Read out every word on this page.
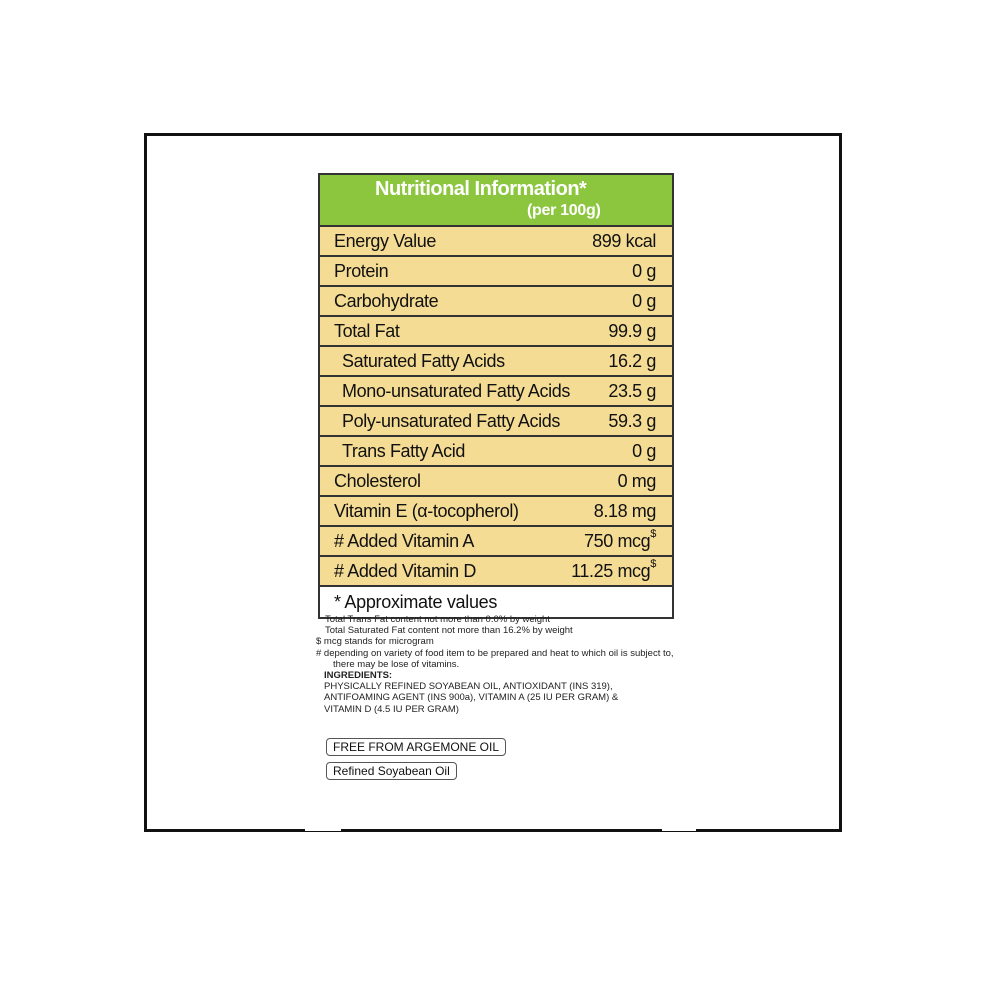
Nutritional Information*
(per 100g)
Energy Value	899 kcal
Protein	0 g
Carbohydrate	0 g
Total Fat	99.9 g
Saturated Fatty Acids	16.2 g
Mono-unsaturated Fatty Acids 23.5 g
Poly-unsaturated Fatty Acids	59.3 g
Trans Fatty Acid	0 g
Cholesterol	0 mg
Vitamin E (α-tocopherol)	8.18 mg
# Added Vitamin A	750 mcg$
# Added Vitamin D	11.25 mcg$
* Approximate values
Total Trans Fat content not more than 0.0% by weight
Total Saturated Fat content not more than 16.2% by weight
$ mcg stands for microgram
# depending on variety of food item to be prepared and heat to which oil is subject to,
there may be lose of vitamins.
INGREDIENTS:
PHYSICALLY REFINED SOYABEAN OIL, ANTIOXIDANT (INS 319),
ANTIFOAMING AGENT (INS 900a), VITAMIN A (25 IU PER GRAM) &
VITAMIN D (4.5 IU PER GRAM)
FREE FROM ARGEMONE OIL
Refined Soyabean Oil
